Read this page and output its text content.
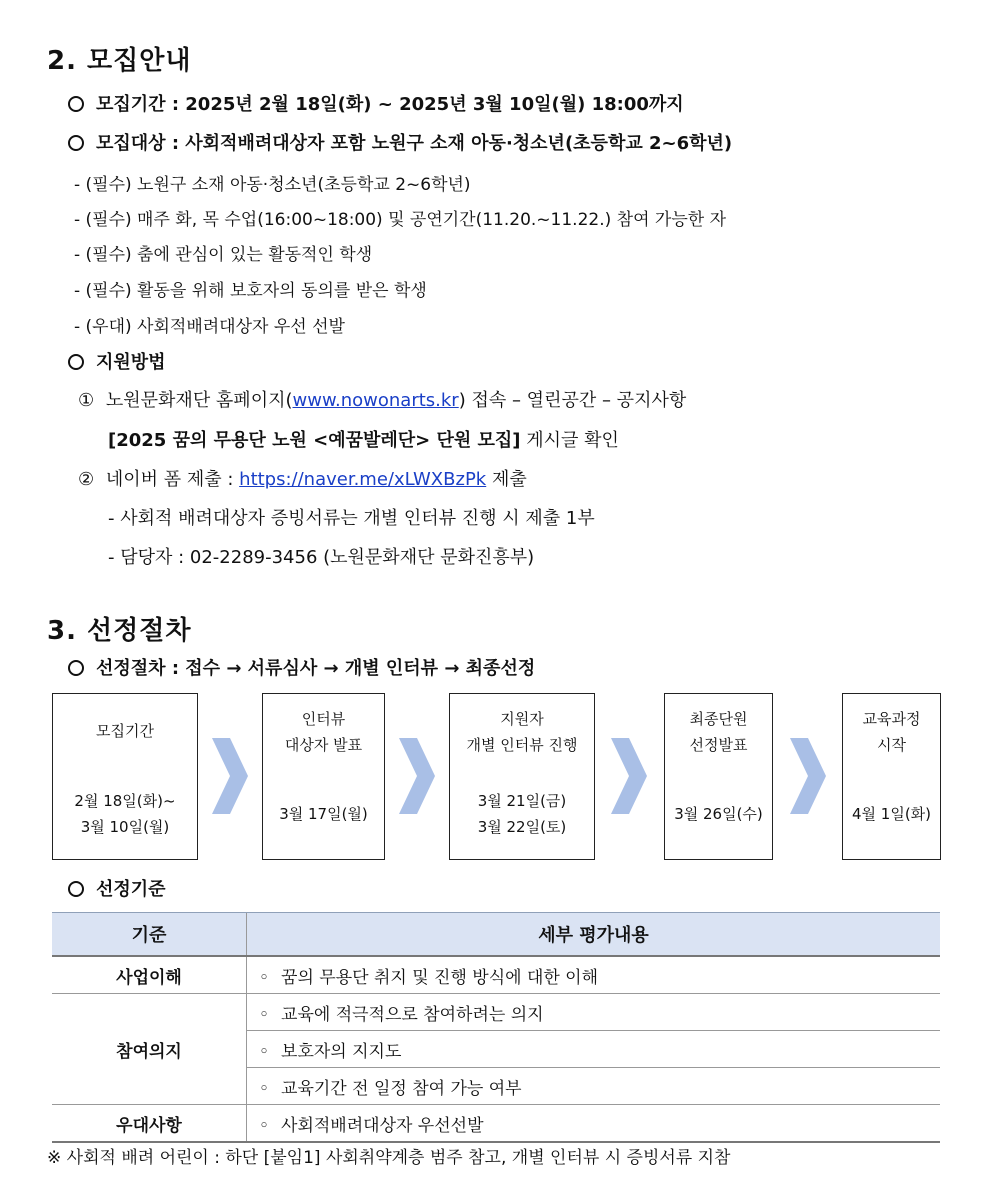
2. 모집안내
모집기간 : 2025년 2월 18일(화) ~ 2025년 3월 10일(월) 18:00까지
모집대상 : 사회적배려대상자 포함 노원구 소재 아동·청소년(초등학교 2~6학년)
- (필수) 노원구 소재 아동·청소년(초등학교 2~6학년)
- (필수) 매주 화, 목 수업(16:00~18:00) 및 공연기간(11.20.~11.22.) 참여 가능한 자
- (필수) 춤에 관심이 있는 활동적인 학생
- (필수) 활동을 위해 보호자의 동의를 받은 학생
- (우대) 사회적배려대상자 우선 선발
지원방법
① 노원문화재단 홈페이지(www.nowonarts.kr) 접속 – 열린공간 – 공지사항
[2025 꿈의 무용단 노원 <예꿈발레단> 단원 모집] 게시글 확인
② 네이버 폼 제출 : https://naver.me/xLWXBzPk 제출
- 사회적 배려대상자 증빙서류는 개별 인터뷰 진행 시 제출 1부
- 담당자 : 02-2289-3456 (노원문화재단 문화진흥부)
3. 선정절차
선정절차 : 접수 → 서류심사 → 개별 인터뷰 → 최종선정
모집기간
2월 18일(화)~
3월 10일(월)
인터뷰
대상자 발표
3월 17일(월)
지원자
개별 인터뷰 진행
3월 21일(금)
3월 22일(토)
최종단원
선정발표
3월 26일(수)
교육과정
시작
4월 1일(화)
선정기준
기준	세부 평가내용
사업이해	◦ 꿈의 무용단 취지 및 진행 방식에 대한 이해
참여의지	◦ 교육에 적극적으로 참여하려는 의지
	◦ 보호자의 지지도
	◦ 교육기간 전 일정 참여 가능 여부
우대사항	◦ 사회적배려대상자 우선선발
※ 사회적 배려 어린이 : 하단 [붙임1] 사회취약계층 범주 참고, 개별 인터뷰 시 증빙서류 지참
